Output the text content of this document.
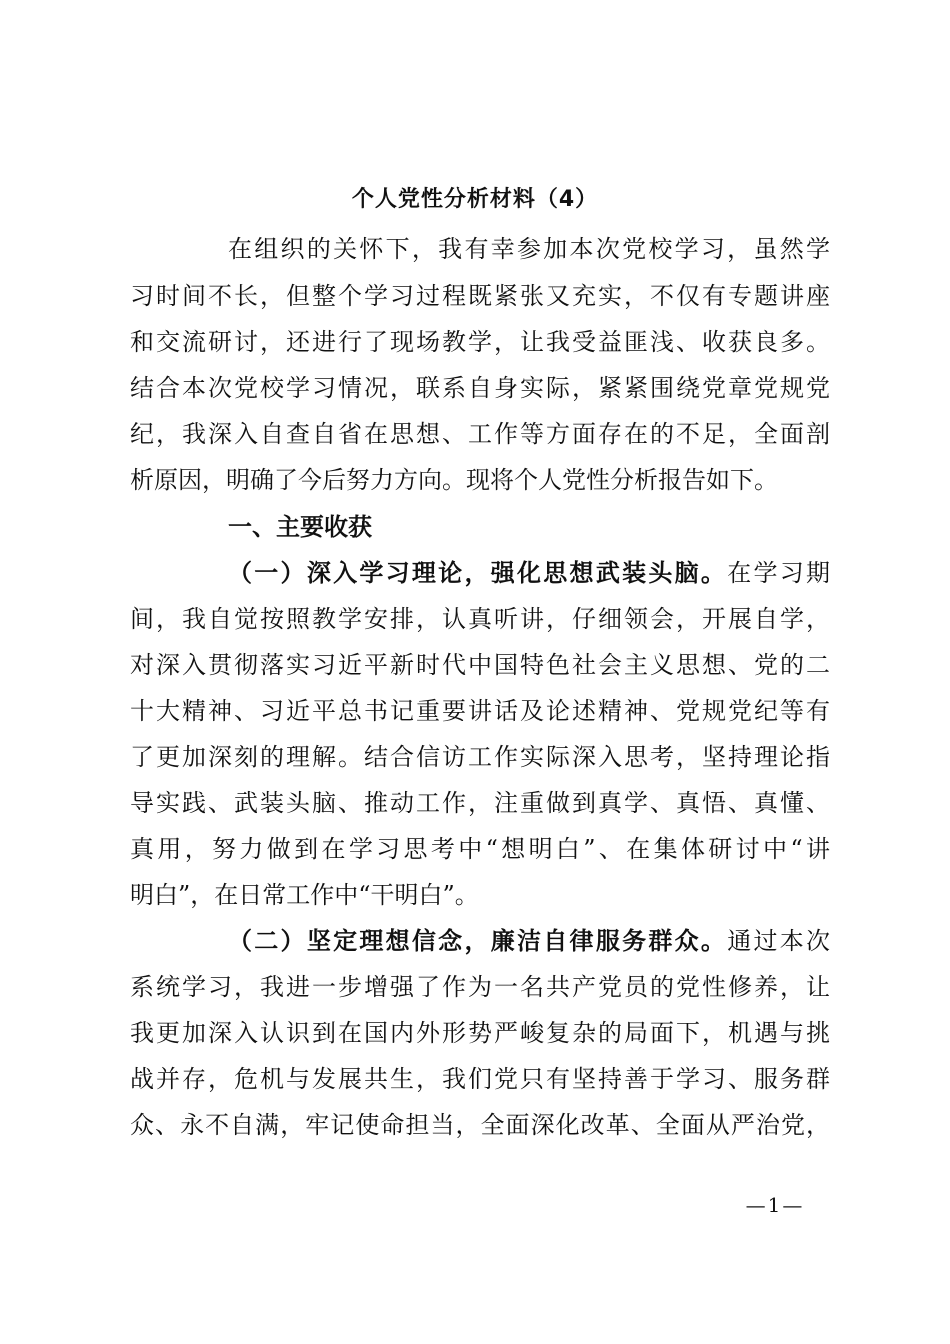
个人党性分析材料（4）
在组织的关怀下，我有幸参加本次党校学习，虽然学
习时间不长，但整个学习过程既紧张又充实，不仅有专题讲座
和交流研讨，还进行了现场教学，让我受益匪浅、收获良多。
结合本次党校学习情况，联系自身实际，紧紧围绕党章党规党
纪，我深入自查自省在思想、工作等方面存在的不足，全面剖
析原因，明确了今后努力方向。现将个人党性分析报告如下。
一、主要收获
（一）深入学习理论，强化思想武装头脑。在学习期
间，我自觉按照教学安排，认真听讲，仔细领会，开展自学，
对深入贯彻落实习近平新时代中国特色社会主义思想、党的二
十大精神、习近平总书记重要讲话及论述精神、党规党纪等有
了更加深刻的理解。结合信访工作实际深入思考，坚持理论指
导实践、武装头脑、推动工作，注重做到真学、真悟、真懂、
真用，努力做到在学习思考中“想明白”、在集体研讨中“讲
明白”，在日常工作中“干明白”。
（二）坚定理想信念，廉洁自律服务群众。通过本次
系统学习，我进一步增强了作为一名共产党员的党性修养，让
我更加深入认识到在国内外形势严峻复杂的局面下，机遇与挑
战并存，危机与发展共生，我们党只有坚持善于学习、服务群
众、永不自满，牢记使命担当，全面深化改革、全面从严治党，
—1—
